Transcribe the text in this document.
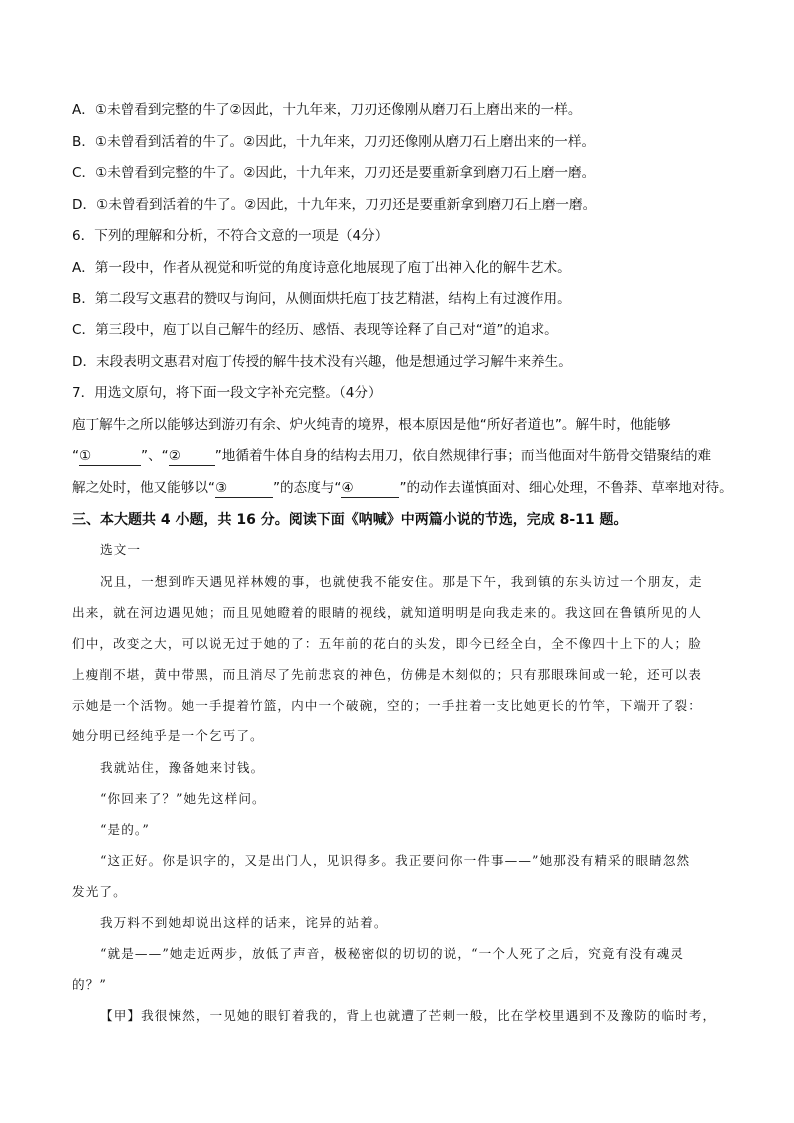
A．①未曾看到完整的牛了②因此，十九年来，刀刃还像刚从磨刀石上磨出来的一样。
B．①未曾看到活着的牛了。②因此，十九年来，刀刃还像刚从磨刀石上磨出来的一样。
C．①未曾看到完整的牛了。②因此，十九年来，刀刃还是要重新拿到磨刀石上磨一磨。
D．①未曾看到活着的牛了。②因此，十九年来，刀刃还是要重新拿到磨刀石上磨一磨。
6．下列的理解和分析，不符合文意的一项是（4分）
A．第一段中，作者从视觉和听觉的角度诗意化地展现了庖丁出神入化的解牛艺术。
B．第二段写文惠君的赞叹与询问，从侧面烘托庖丁技艺精湛，结构上有过渡作用。
C．第三段中，庖丁以自己解牛的经历、感悟、表现等诠释了自己对“道”的追求。
D．末段表明文惠君对庖丁传授的解牛技术没有兴趣，他是想通过学习解牛来养生。
7．用选文原句，将下面一段文字补充完整。（4分）
庖丁解牛之所以能够达到游刃有余、炉火纯青的境界，根本原因是他“所好者道也”。解牛时，他能够
“①	”、“② ”地循着牛体自身的结构去用刀，依自然规律行事；而当他面对牛筋骨交错聚结的难
解之处时，他又能够以“③	”的态度与“④	”的动作去谨慎面对、细心处理，不鲁莽、草率地对待。
三、本大题共 4 小题，共 16 分。阅读下面《呐喊》中两篇小说的节选，完成 8-11 题。
选文一
况且，一想到昨天遇见祥林嫂的事，也就使我不能安住。那是下午，我到镇的东头访过一个朋友，走
出来，就在河边遇见她；而且见她瞪着的眼睛的视线，就知道明明是向我走来的。我这回在鲁镇所见的人
们中，改变之大，可以说无过于她的了：五年前的花白的头发，即今已经全白，全不像四十上下的人；脸
上瘦削不堪，黄中带黑，而且消尽了先前悲哀的神色，仿佛是木刻似的；只有那眼珠间或一轮，还可以表
示她是一个活物。她一手提着竹篮，内中一个破碗，空的；一手拄着一支比她更长的竹竿，下端开了裂：
她分明已经纯乎是一个乞丐了。
我就站住，豫备她来讨钱。
“你回来了？”她先这样问。
“是的。”
“这正好。你是识字的，又是出门人，见识得多。我正要问你一件事——”她那没有精采的眼睛忽然
发光了。
我万料不到她却说出这样的话来，诧异的站着。
“就是——”她走近两步，放低了声音，极秘密似的切切的说，“一个人死了之后，究竟有没有魂灵
的？”
【甲】我很悚然，一见她的眼钉着我的，背上也就遭了芒刺一般，比在学校里遇到不及豫防的临时考，
